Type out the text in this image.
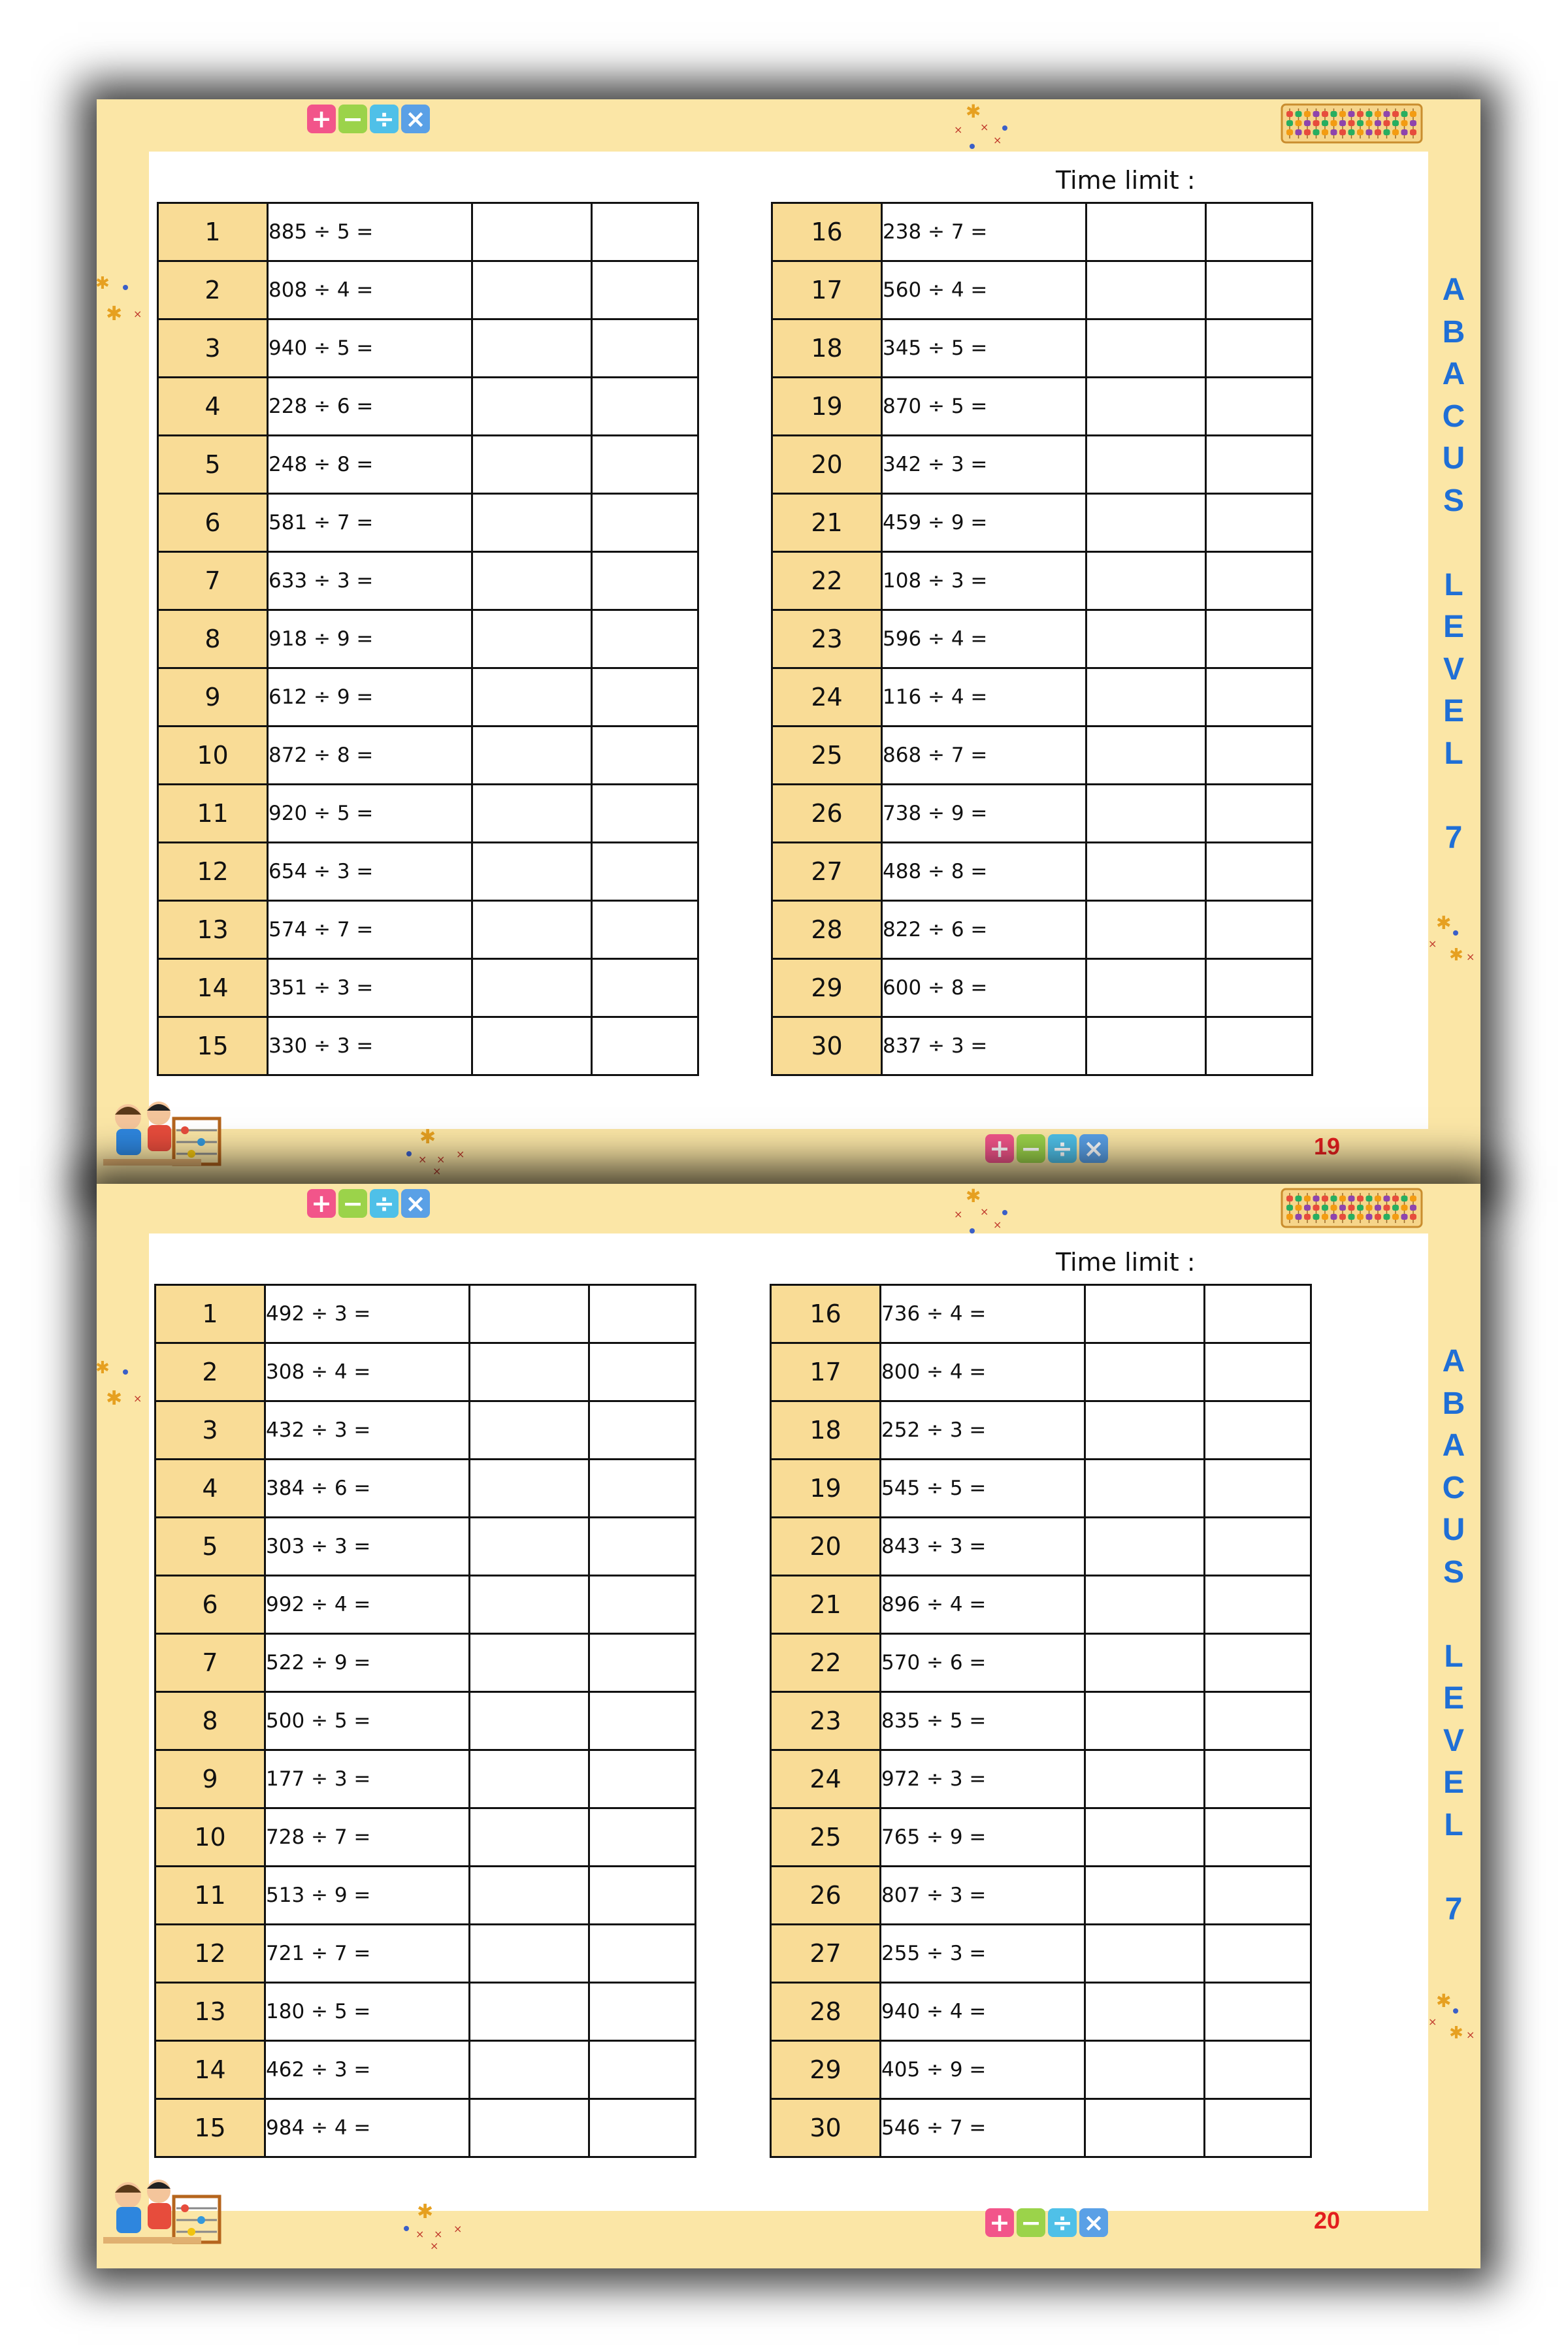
+ − ÷ ×	✱
× ×
×
✱
✱ ×
✱
×
✱ ×
Time limit :
1	885 ÷ 5 =		
2	808 ÷ 4 =		
3	940 ÷ 5 =		
4	228 ÷ 6 =		
5	248 ÷ 8 =		
6	581 ÷ 7 =		
7	633 ÷ 3 =		
8	918 ÷ 9 =		
9	612 ÷ 9 =		
10	872 ÷ 8 =		
11	920 ÷ 5 =		
12	654 ÷ 3 =		
13	574 ÷ 7 =		
14	351 ÷ 3 =		
15	330 ÷ 3 =		
16	238 ÷ 7 =		
17	560 ÷ 4 =		
18	345 ÷ 5 =		
19	870 ÷ 5 =		
20	342 ÷ 3 =		
21	459 ÷ 9 =		
22	108 ÷ 3 =		
23	596 ÷ 4 =		
24	116 ÷ 4 =		
25	868 ÷ 7 =		
26	738 ÷ 9 =		
27	488 ÷ 8 =		
28	822 ÷ 6 =		
29	600 ÷ 8 =		
30	837 ÷ 3 =		
A
B
A
C
U
S
L
E
V
E
L
7
✱
× × ×
×
+ − ÷ ×	19
+ − ÷ ×	✱
× ×
×
✱
✱ ×
✱
×
✱ ×
Time limit :
1	492 ÷ 3 =		
2	308 ÷ 4 =		
3	432 ÷ 3 =		
4	384 ÷ 6 =		
5	303 ÷ 3 =		
6	992 ÷ 4 =		
7	522 ÷ 9 =		
8	500 ÷ 5 =		
9	177 ÷ 3 =		
10	728 ÷ 7 =		
11	513 ÷ 9 =		
12	721 ÷ 7 =		
13	180 ÷ 5 =		
14	462 ÷ 3 =		
15	984 ÷ 4 =		
16	736 ÷ 4 =		
17	800 ÷ 4 =		
18	252 ÷ 3 =		
19	545 ÷ 5 =		
20	843 ÷ 3 =		
21	896 ÷ 4 =		
22	570 ÷ 6 =		
23	835 ÷ 5 =		
24	972 ÷ 3 =		
25	765 ÷ 9 =		
26	807 ÷ 3 =		
27	255 ÷ 3 =		
28	940 ÷ 4 =		
29	405 ÷ 9 =		
30	546 ÷ 7 =		
A
B
A
C
U
S
L
E
V
E
L
7
✱
× × ×
×
+ − ÷ ×	20
